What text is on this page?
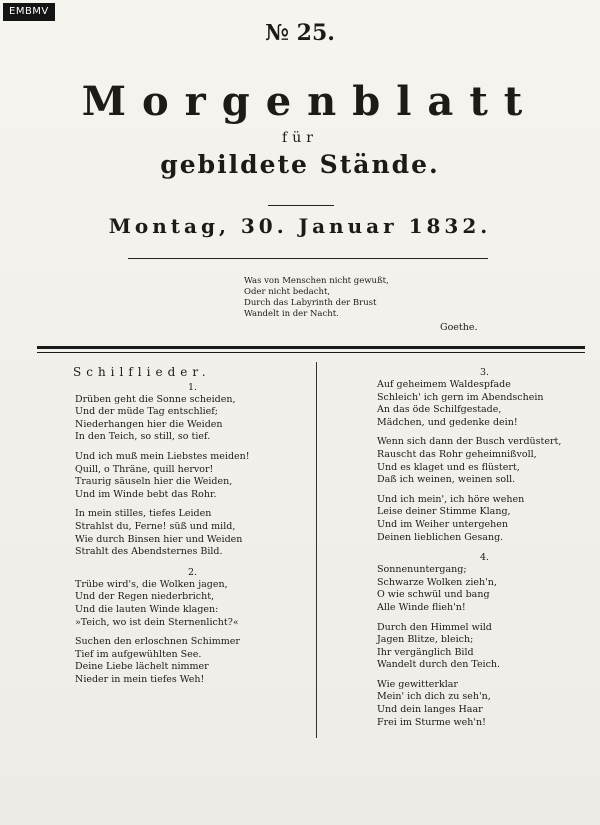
EMBMV
№ 25.
Morgenblatt
für
gebildete Stände.
Montag, 30. Januar 1832.
Was von Menschen nicht gewußt,
Oder nicht bedacht,
Durch das Labyrinth der Brust
Wandelt in der Nacht.
Goethe.
Schilflieder.
1.
Drüben geht die Sonne scheiden,
Und der müde Tag entschlief;
Niederhangen hier die Weiden
In den Teich, so still, so tief.
Und ich muß mein Liebstes meiden!
Quill, o Thräne, quill hervor!
Traurig säuseln hier die Weiden,
Und im Winde bebt das Rohr.
In mein stilles, tiefes Leiden
Strahlst du, Ferne! süß und mild,
Wie durch Binsen hier und Weiden
Strahlt des Abendsternes Bild.
2.
Trübe wird's, die Wolken jagen,
Und der Regen niederbricht,
Und die lauten Winde klagen:
»Teich, wo ist dein Sternenlicht?«
Suchen den erloschnen Schimmer
Tief im aufgewühlten See.
Deine Liebe lächelt nimmer
Nieder in mein tiefes Weh!
3.
Auf geheimem Waldespfade
Schleich' ich gern im Abendschein
An das öde Schilfgestade,
Mädchen, und gedenke dein!
Wenn sich dann der Busch verdüstert,
Rauscht das Rohr geheimnißvoll,
Und es klaget und es flüstert,
Daß ich weinen, weinen soll.
Und ich mein', ich höre wehen
Leise deiner Stimme Klang,
Und im Weiher untergehen
Deinen lieblichen Gesang.
4.
Sonnenuntergang;
Schwarze Wolken zieh'n,
O wie schwül und bang
Alle Winde flieh'n!
Durch den Himmel wild
Jagen Blitze, bleich;
Ihr vergänglich Bild
Wandelt durch den Teich.
Wie gewitterklar
Mein' ich dich zu seh'n,
Und dein langes Haar
Frei im Sturme weh'n!
